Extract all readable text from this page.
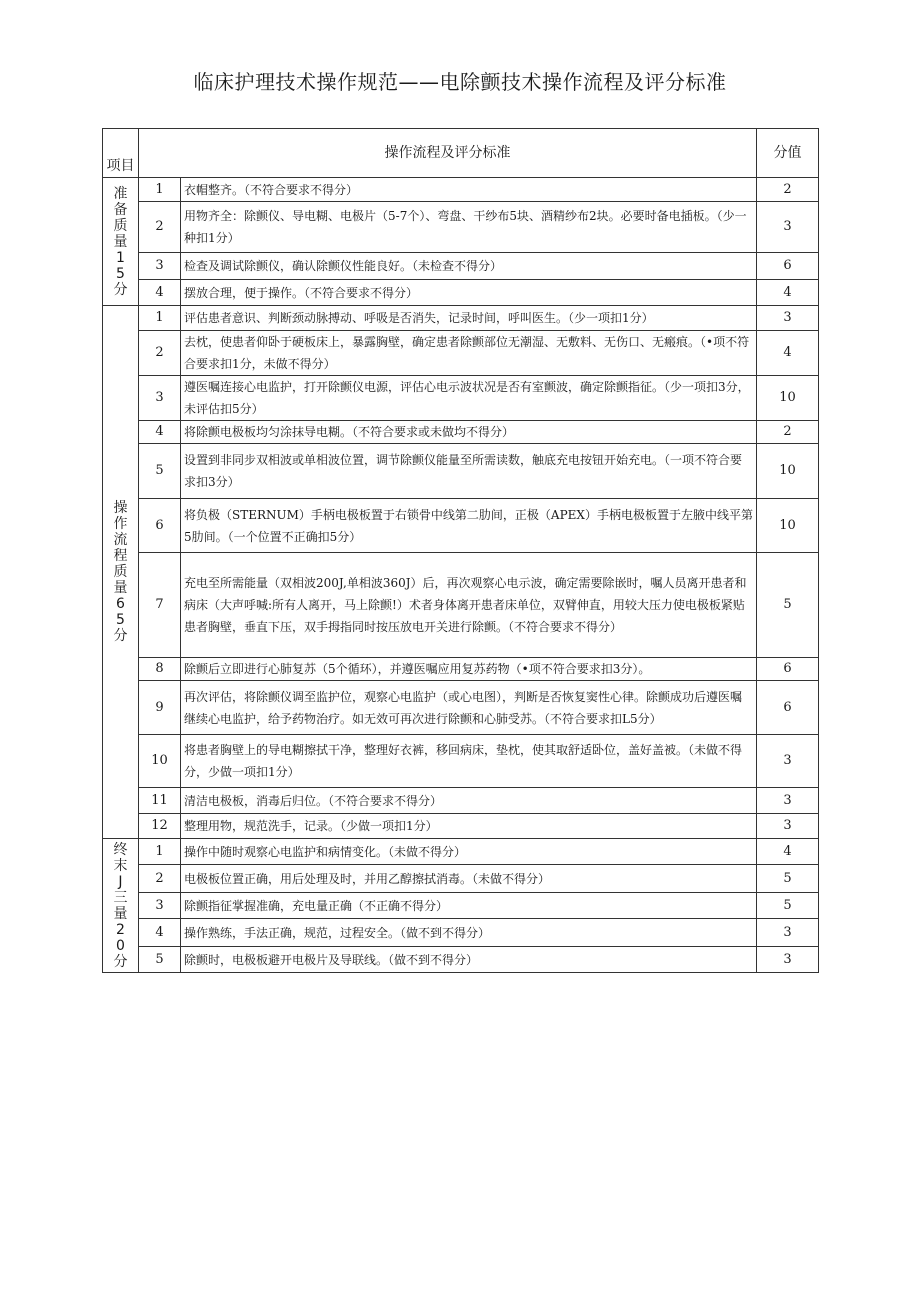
临床护理技术操作规范——电除颤技术操作流程及评分标准
项目	操作流程及评分标准		分值

准备质量15分	1	衣帽整齐。（不符合要求不得分）	2
	2	用物齐全：除颤仪、导电糊、电极片（5-7个）、弯盘、干纱布5块、酒精纱布2块。必要时备电插板。（少一种扣1分）	3
	3	检查及调试除颤仪，确认除颤仪性能良好。（未检查不得分）	6
	4	摆放合理，便于操作。（不符合要求不得分）	4

操作流程质量65分	1	评估患者意识、判断颈动脉搏动、呼吸是否消失，记录时间，呼叫医生。（少一项扣1分）	3
	2	去枕，使患者仰卧于硬板床上，暴露胸壁，确定患者除颤部位无潮湿、无敷料、无伤口、无瘢痕。（•项不符合要求扣1分，未做不得分）	4
	3	遵医嘱连接心电监护，打开除颤仪电源，评估心电示波状况是否有室颤波，确定除颤指征。（少一项扣3分，未评估扣5分）	10
	4	将除颤电极板均匀涂抹导电糊。（不符合要求或未做均不得分）	2
	5	设置到非同步双相波或单相波位置，调节除颤仪能量至所需读数，触底充电按钮开始充电。（一项不符合要求扣3分）	10
	6	将负极（STERNUM）手柄电极板置于右锁骨中线第二肋间，正极（APEX）手柄电极板置于左腋中线平第5肋间。（一个位置不正确扣5分）	10
	7	充电至所需能量（双相波200J,单相波360J）后，再次观察心电示波，确定需要除嵌时，嘱人员离开患者和病床（大声呼喊:所有人离开，马上除颤!）术者身体离开患者床单位，双臂伸直，用较大压力使电极板紧贴患者胸壁，垂直下压，双手拇指同时按压放电开关进行除颤。（不符合要求不得分）	5
	8	除颤后立即进行心肺复苏（5个循环），并遵医嘱应用复苏药物（•项不符合要求扣3分）。	6
	9	再次评估，将除颤仪调至监护位，观察心电监护（或心电图），判断是否恢复窦性心律。除颤成功后遵医嘱继续心电监护，给予药物治疗。如无效可再次进行除颤和心肺受苏。（不符合要求扣L5分）	6
	10	将患者胸壁上的导电糊擦拭干净，整理好衣裤，移回病床，垫枕，使其取舒适卧位，盖好盖被。（未做不得分，少做一项扣1分）	3
	11	清洁电极板，消毒后归位。（不符合要求不得分）	3
	12	整理用物，规范洗手，记录。（少做一项扣1分）	3

终末J三量20分	1	操作中随时观察心电监护和病情变化。（未做不得分）	4
	2	电极板位置正确，用后处理及时，并用乙醇擦拭消毒。（未做不得分）	5
	3	除颤指征掌握准确，充电量正确（不正确不得分）	5
	4	操作熟练，手法正确，规范，过程安全。（做不到不得分）	3
	5	除颤时，电极板避开电极片及导联线。（做不到不得分）	3
